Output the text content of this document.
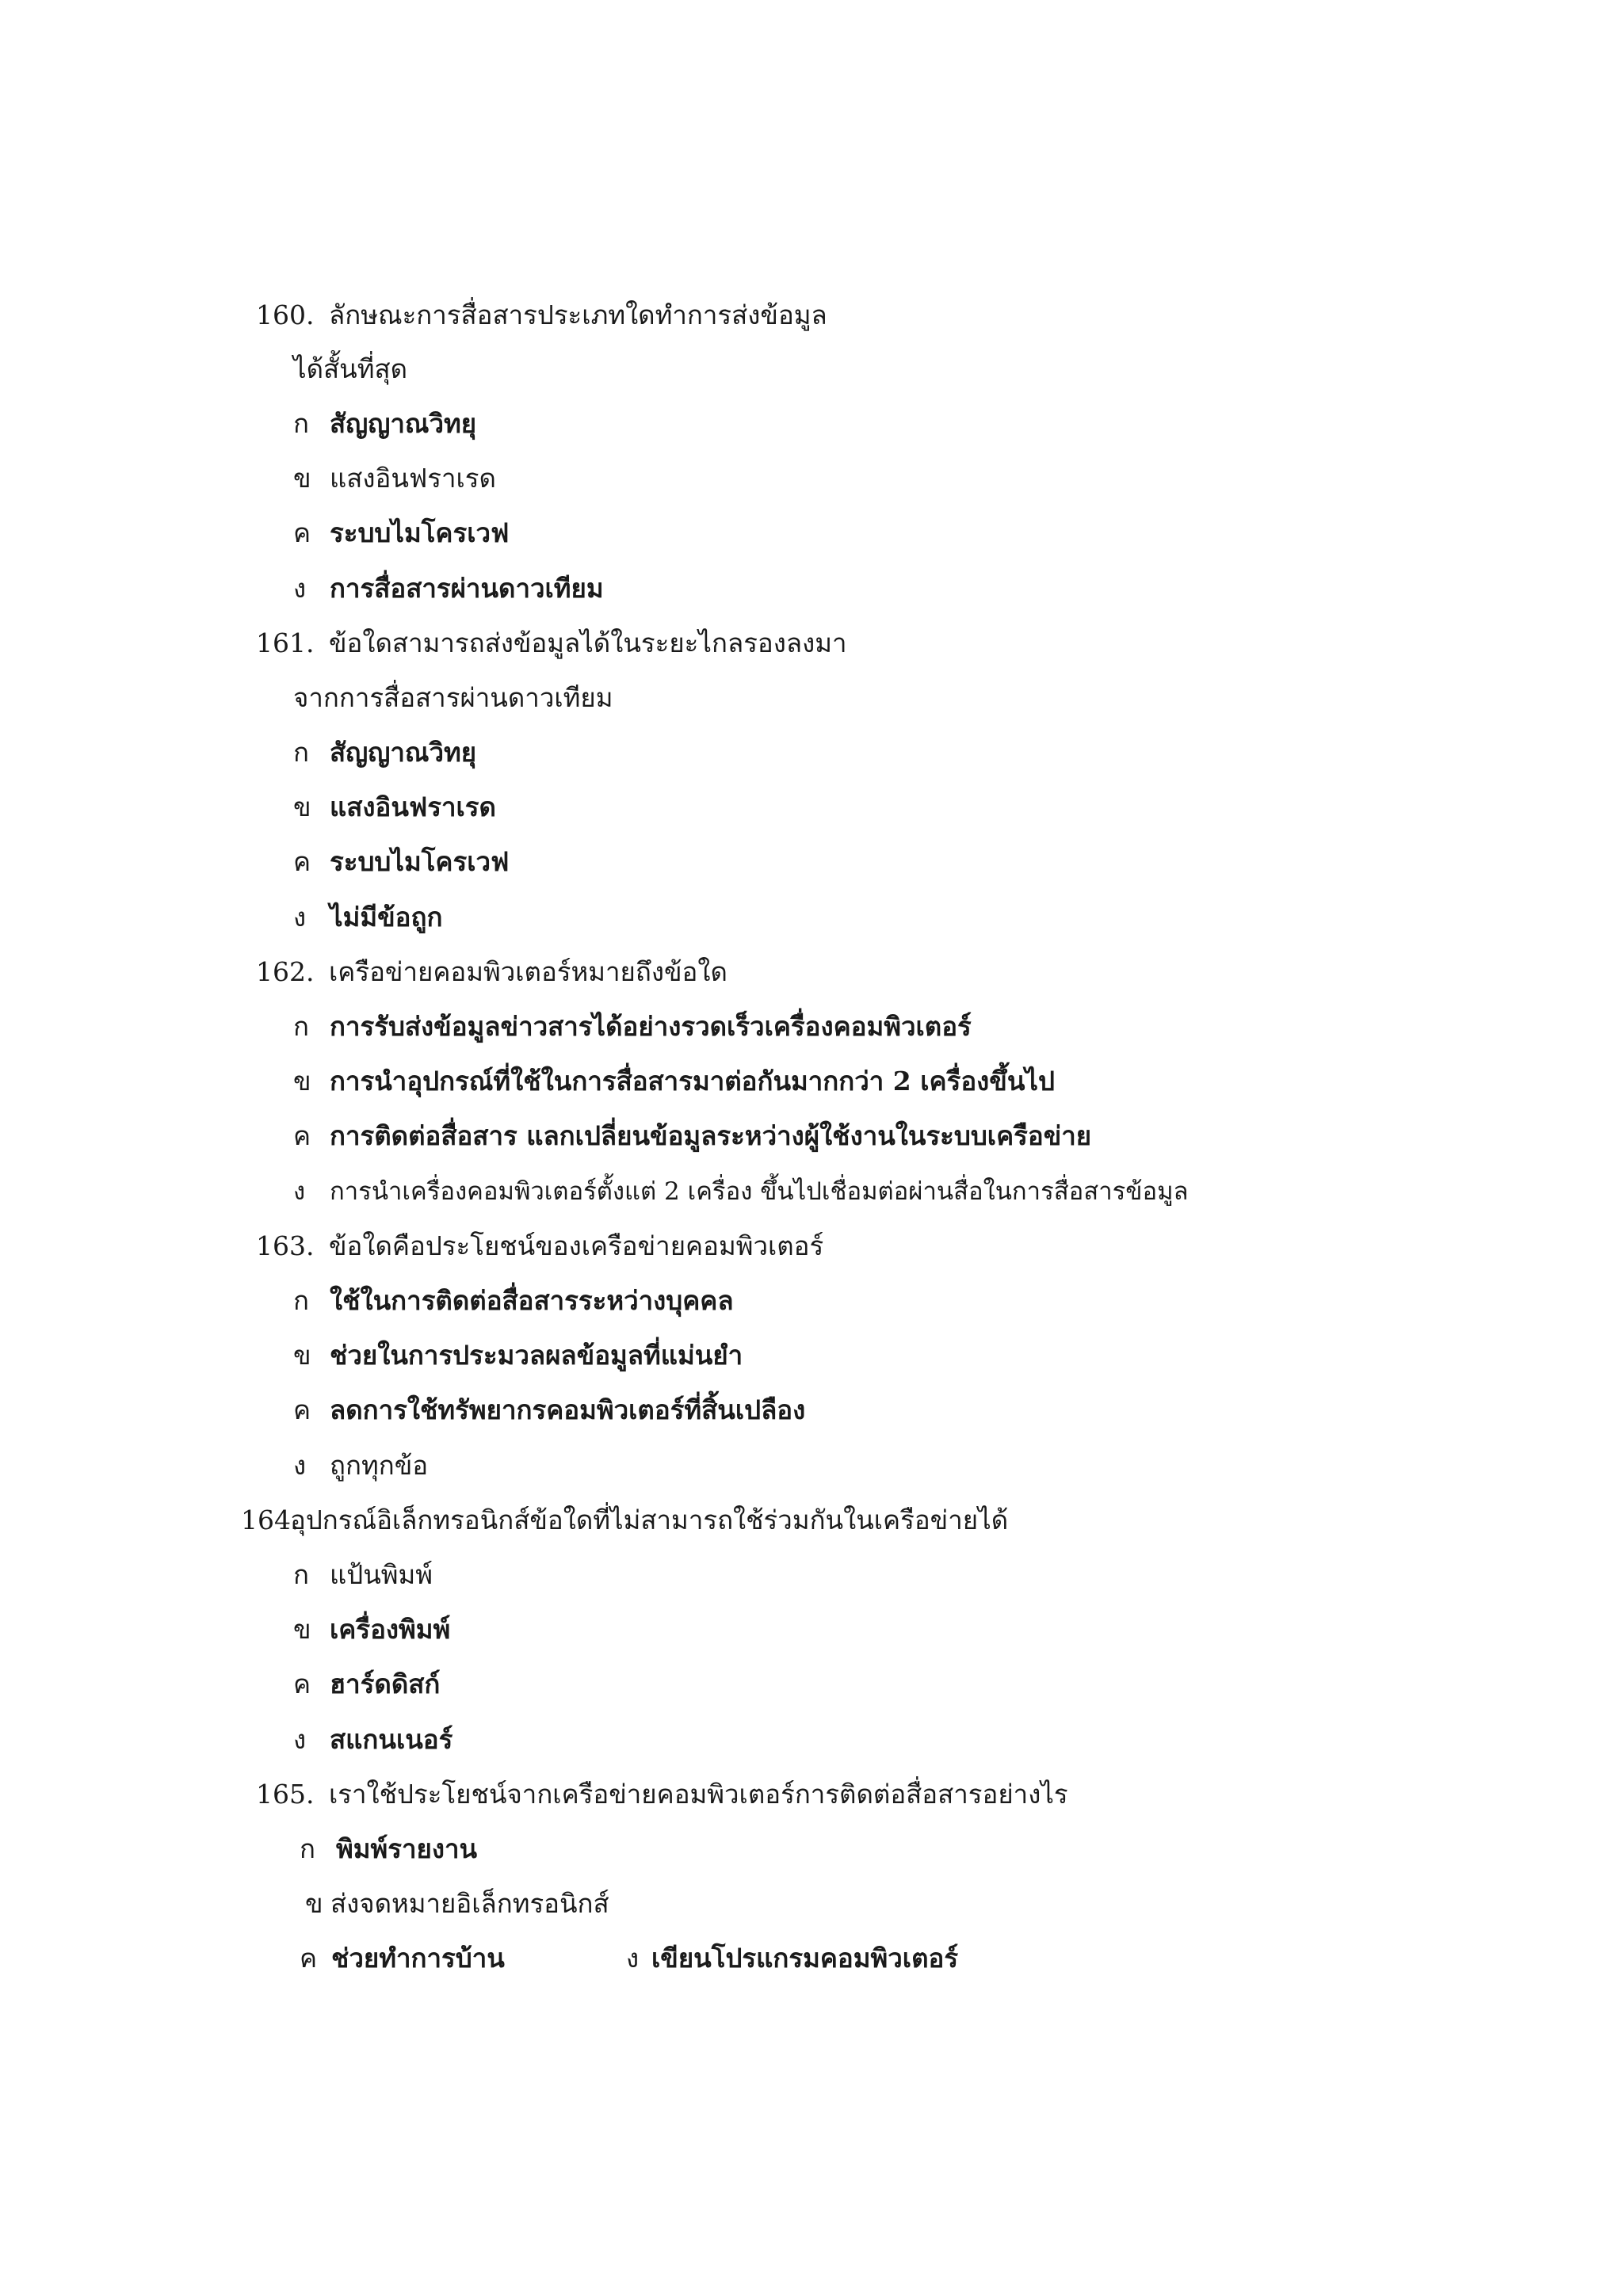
160. ลักษณะการสื่อสารประเภทใดทำการส่งข้อมูล
ได้สั้นที่สุด
ก สัญญาณวิทยุ
ข แสงอินฟราเรด
ค ระบบไมโครเวฟ
ง การสื่อสารผ่านดาวเทียม
161. ข้อใดสามารถส่งข้อมูลได้ในระยะไกลรองลงมา
จากการสื่อสารผ่านดาวเทียม
ก สัญญาณวิทยุ
ข แสงอินฟราเรด
ค ระบบไมโครเวฟ
ง ไม่มีข้อถูก
162. เครือข่ายคอมพิวเตอร์หมายถึงข้อใด
ก การรับส่งข้อมูลข่าวสารได้อย่างรวดเร็วเครื่องคอมพิวเตอร์
ข การนำอุปกรณ์ที่ใช้ในการสื่อสารมาต่อกันมากกว่า 2 เครื่องขึ้นไป
ค การติดต่อสื่อสาร แลกเปลี่ยนข้อมูลระหว่างผู้ใช้งานในระบบเครือข่าย
ง การนำเครื่องคอมพิวเตอร์ตั้งแต่ 2 เครื่อง ขึ้นไปเชื่อมต่อผ่านสื่อในการสื่อสารข้อมูล
163. ข้อใดคือประโยชน์ของเครือข่ายคอมพิวเตอร์
ก ใช้ในการติดต่อสื่อสารระหว่างบุคคล
ข ช่วยในการประมวลผลข้อมูลที่แม่นยำ
ค ลดการใช้ทรัพยากรคอมพิวเตอร์ที่สิ้นเปลือง
ง ถูกทุกข้อ
164.อุปกรณ์อิเล็กทรอนิกส์ข้อใดที่ไม่สามารถใช้ร่วมกันในเครือข่ายได้
ก แป้นพิมพ์
ข เครื่องพิมพ์
ค ฮาร์ดดิสก์
ง สแกนเนอร์
165. เราใช้ประโยชน์จากเครือข่ายคอมพิวเตอร์การติดต่อสื่อสารอย่างไร
ก พิมพ์รายงาน
ข ส่งจดหมายอิเล็กทรอนิกส์
ค ช่วยทำการบ้าน	ง เขียนโปรแกรมคอมพิวเตอร์
